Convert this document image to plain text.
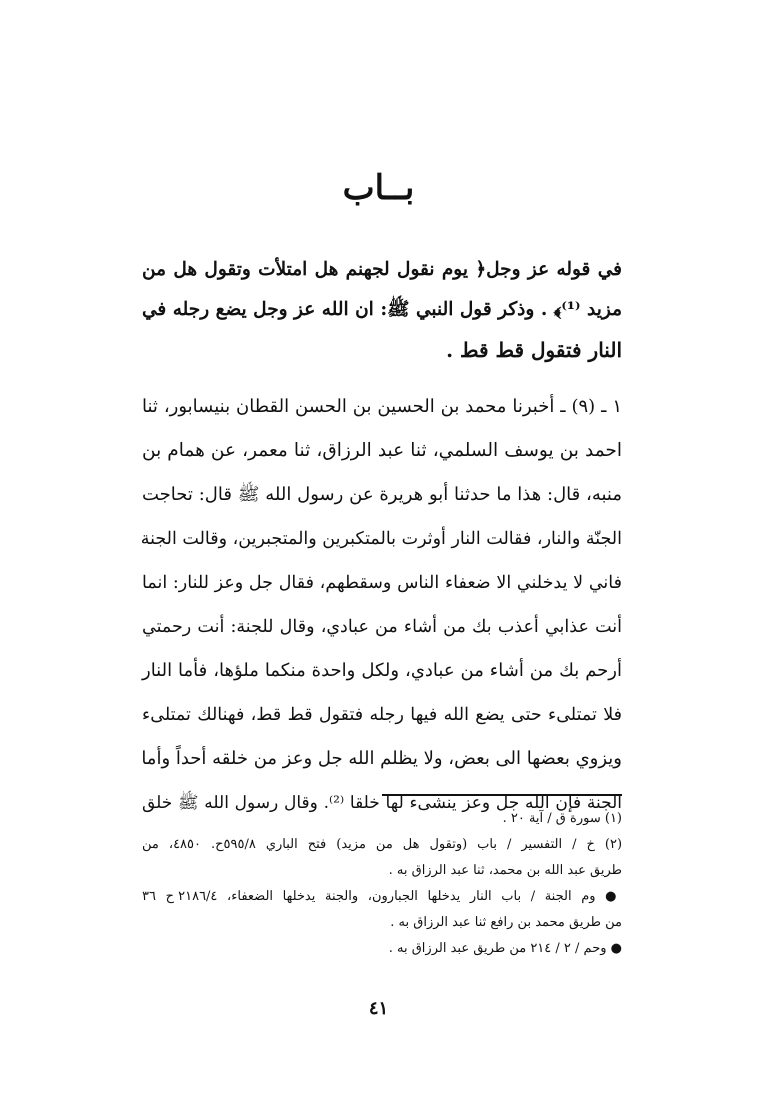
بــاب
في قوله عز وجل﴿ يوم نقول لجهنم هل امتلأت وتقول هل من
مزيد ⁽¹⁾﴾ . وذكر قول النبي ﷺ: ان الله عز وجل يضع رجله في
النار فتقول قط قط .
١ ـ (٩) ـ أخبرنا محمد بن الحسين بن الحسن القطان بنيسابور، ثنا
احمد بن يوسف السلمي، ثنا عبد الرزاق، ثنا معمر، عن همام بن
منبه، قال: هذا ما حدثنا أبو هريرة عن رسول الله ﷺ قال: تحاجت
الجنّة والنار، فقالت النار أوثرت بالمتكبرين والمتجبرين، وقالت الجنة
فاني لا يدخلني الا ضعفاء الناس وسقطهم، فقال جل وعز للنار: انما
أنت عذابي أعذب بك من أشاء من عبادي، وقال للجنة: أنت رحمتي
أرحم بك من أشاء من عبادي، ولكل واحدة منكما ملؤها، فأما النار
فلا تمتلىء حتى يضع الله فيها رجله فتقول قط قط، فهنالك تمتلىء
ويزوي بعضها الى بعض، ولا يظلم الله جل وعز من خلقه أحداً وأما
الجنة فإن الله جل وعز ينشىء لها خلقا ⁽²⁾. وقال رسول الله ﷺ خلق
(١) سورة ق / آية ٢٠ .
(٢) خ / التفسير / باب (وتقول هل من مزيد) فتح الباري ٥٩٥/٨ح. ٤٨٥٠، من
طريق عبد الله بن محمد، ثنا عبد الرزاق به .
● وم الجنة / باب النار يدخلها الجبارون، والجنة يدخلها الضعفاء، ٢١٨٦/٤ ح ٣٦
من طريق محمد بن رافع ثنا عبد الرزاق به .
● وحم / ٢ / ٢١٤ من طريق عبد الرزاق به .
٤١
